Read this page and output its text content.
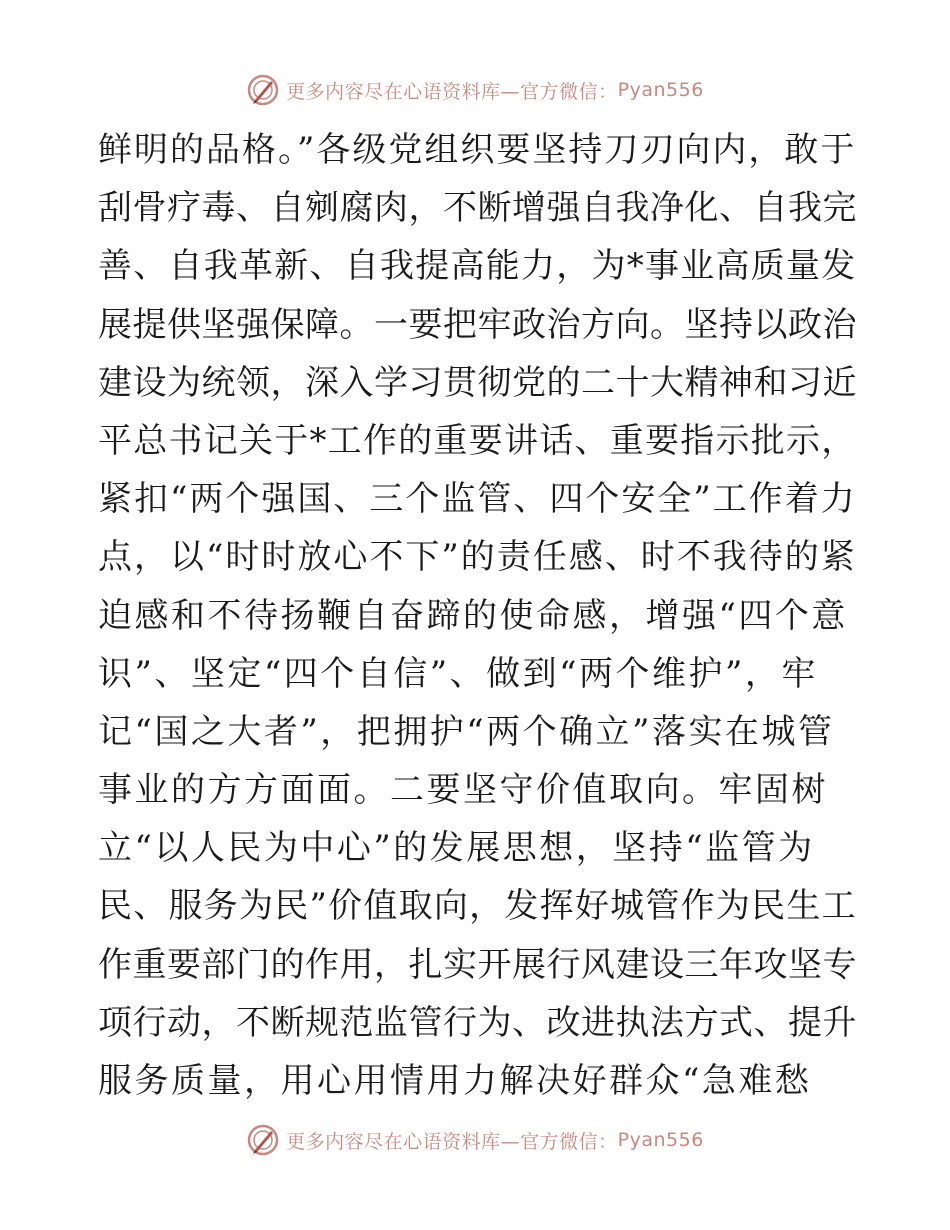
更多内容尽在心语资料库—官方微信： Pyan556
鲜明的品格。”各级党组织要坚持刀刃向内，敢于
刮骨疗毒、自剜腐肉，不断增强自我净化、自我完
善、自我革新、自我提高能力，为*事业高质量发
展提供坚强保障。一要把牢政治方向。坚持以政治
建设为统领，深入学习贯彻党的二十大精神和习近
平总书记关于*工作的重要讲话、重要指示批示，
紧扣“两个强国、三个监管、四个安全”工作着力
点，以“时时放心不下”的责任感、时不我待的紧
迫感和不待扬鞭自奋蹄的使命感，增强“四个意
识”、坚定“四个自信”、做到“两个维护”，牢
记“国之大者”，把拥护“两个确立”落实在城管
事业的方方面面。二要坚守价值取向。牢固树
立“以人民为中心”的发展思想，坚持“监管为
民、服务为民”价值取向，发挥好城管作为民生工
作重要部门的作用，扎实开展行风建设三年攻坚专
项行动，不断规范监管行为、改进执法方式、提升
服务质量，用心用情用力解决好群众“急难愁
更多内容尽在心语资料库—官方微信： Pyan556
